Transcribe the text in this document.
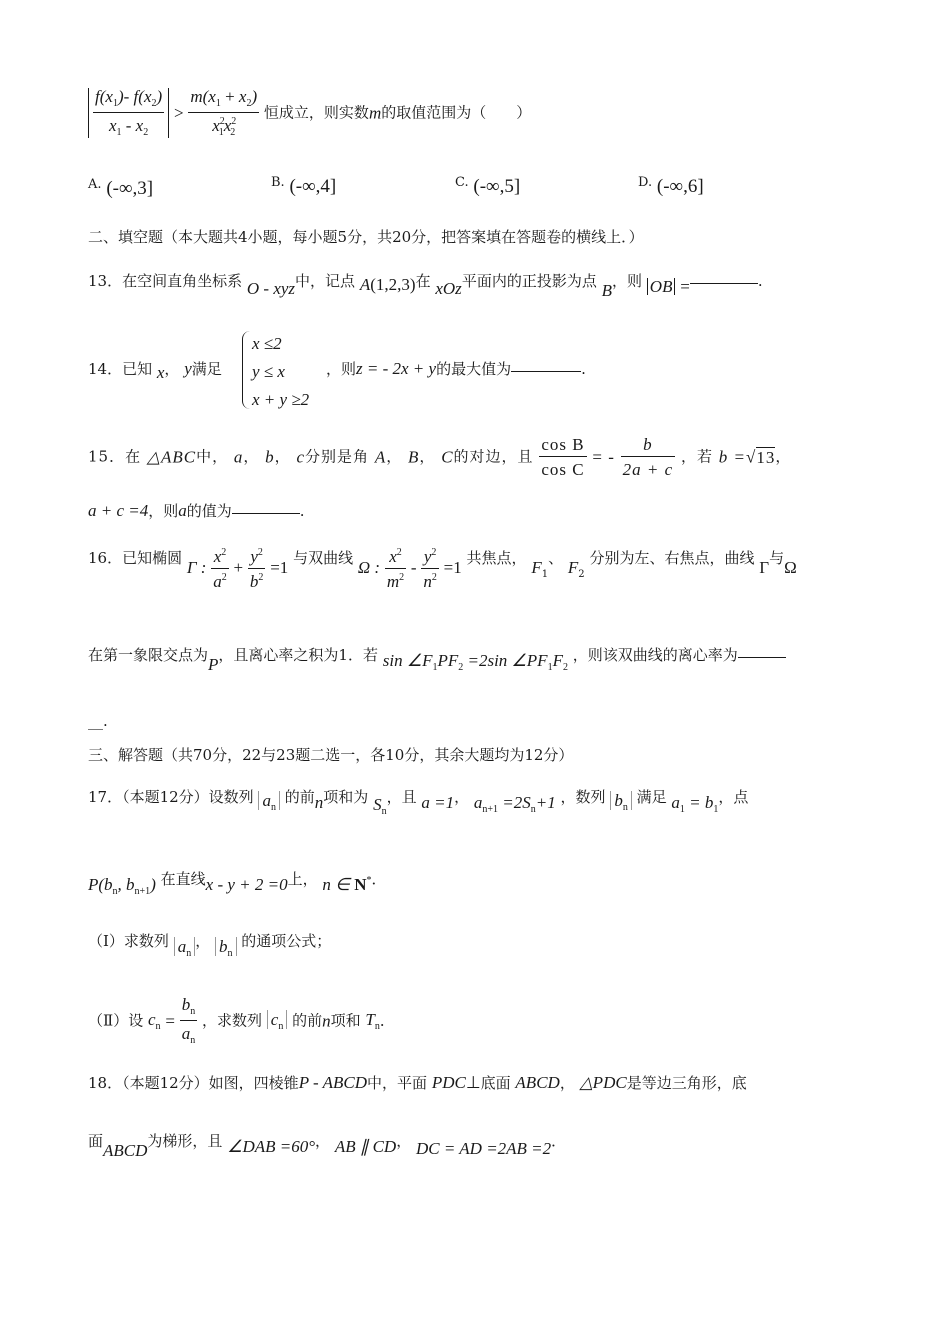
$\frac{f(x_1)- f(x_2)}{x_1 - x_2} > \frac{m(x_1 + x_2)}{x^2_1x^2_2}$ 恒成立，则实数m的取值范围为（　　）
A. (-∞,3]	B. (-∞,4]	C. (-∞,5]	D. (-∞,6]
二、填空题（本大题共4小题，每小题5分，共20分，把答案填在答题卷的横线上．）
13．在空间直角坐标系 O - xyz中，记点 A(1,2,3)在 xOz平面内的正投影为点 B，则 OB =	.
14．已知 x， y满足
x ≤2
y ≤ x
x + y ≥2
，则z = - 2x + y的最大值为	.
15．在 △ABC中， a， b， c分别是角 A， B， C的对边，且 $\frac{\text{cos B}}{\text{cos C}}$ = - $\frac{b}{2a + c}$ ，若 b =√13，
a + c =4，则a的值为	.
16．已知椭圆 Γ : $\frac{x^2}{a^2} + \frac{y^2}{b^2} =1$ 与双曲线 Ω : $\frac{x^2}{m^2} - \frac{y^2}{n^2} =1$ 共焦点， $F_1$、 $F_2$ 分别为左、右焦点，曲线 Γ与Ω
在第一象限交点为P，且离心率之积为1．若 $\sin \angle F_1PF_2 =2\sin$ $\angle PF_1F_2$ ，则该双曲线的离心率为
__.
三、解答题（共70分，22与23题二选一，各10分，其余大题均为12分）
17．（本题12分）设数列 $a_n$ 的前n项和为 $S_n$，且 a =1， $a_{n+1} =2S_n+1$ ，数列 $b_n$ 满足 $a_1 = b_1$，点
$P(b_n$, $b_{n+1}$) 在直线x - y + 2 =0上， n ∈ N*．
（Ⅰ）求数列 $a_n$， $b_n$ 的通项公式；
（Ⅱ）设 $c_n = \frac{b_n}{a_n}$ ，求数列 $c_n$ 的前n项和 $T_n$．
18．（本题12分）如图，四棱锥P - ABCD中，平面 PDC⊥底面 ABCD， △PDC是等边三角形，底
面ABCD为梯形，且 ∠DAB =60°， AB ∥ CD， DC = AD =2AB =2．
